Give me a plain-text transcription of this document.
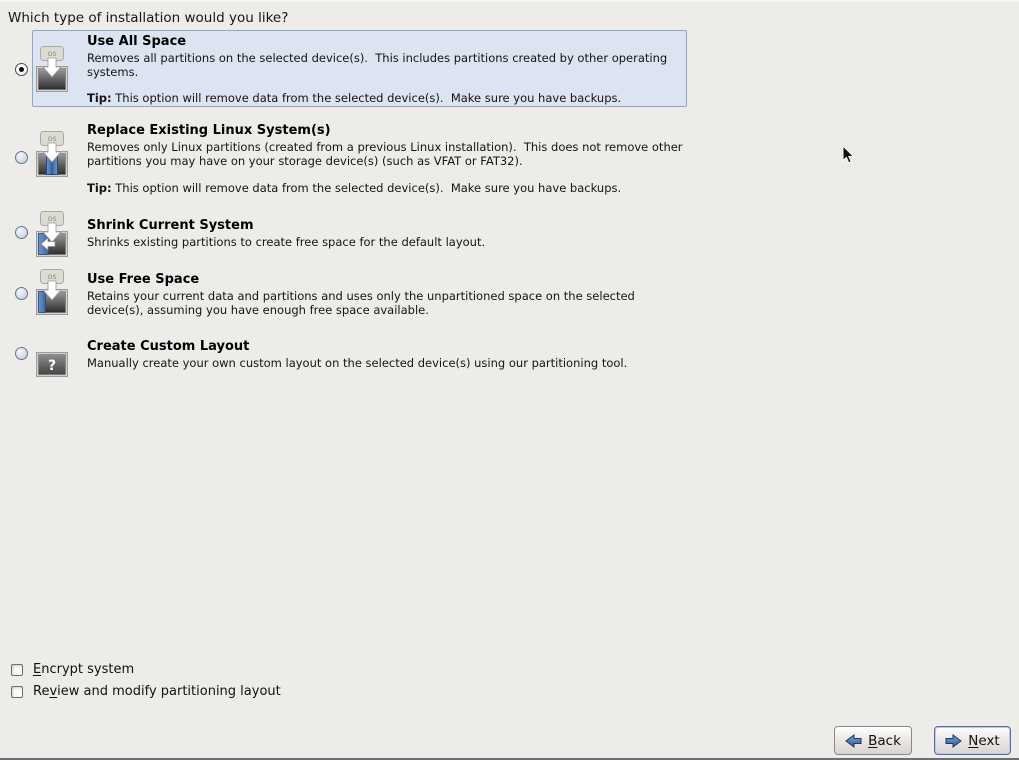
Which type of installation would you like?
os
Use All Space
Removes all partitions on the selected device(s).  This includes partitions created by other operating systems.
Tip: This option will remove data from the selected device(s).  Make sure you have backups.
os
Replace Existing Linux System(s)
Removes only Linux partitions (created from a previous Linux installation).  This does not remove other partitions you may have on your storage device(s) (such as VFAT or FAT32).
Tip: This option will remove data from the selected device(s).  Make sure you have backups.
os Shrink Current System
Shrinks existing partitions to create free space for the default layout.
os Use Free Space
Retains your current data and partitions and uses only the unpartitioned space on the selected device(s), assuming you have enough free space available.
?
Create Custom Layout
Manually create your own custom layout on the selected device(s) using our partitioning tool.
Encrypt system
Review and modify partitioning layout
Back	Next
